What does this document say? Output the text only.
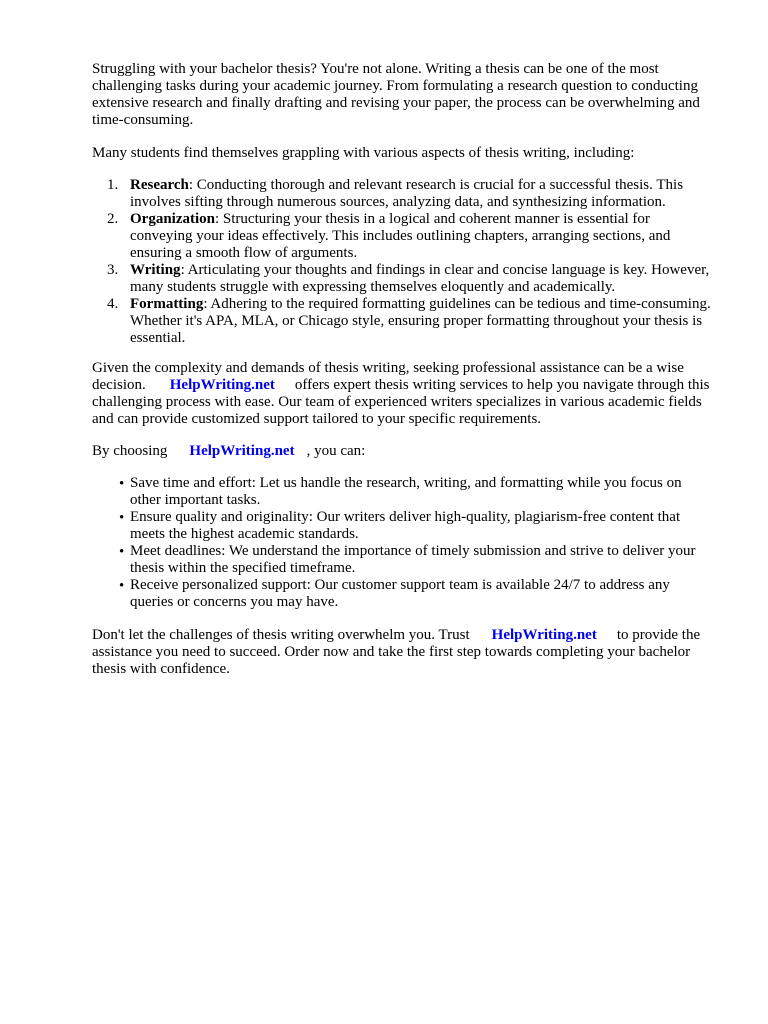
Struggling with your bachelor thesis? You're not alone. Writing a thesis can be one of the most challenging tasks during your academic journey. From formulating a research question to conducting extensive research and finally drafting and revising your paper, the process can be overwhelming and time-consuming.

Many students find themselves grappling with various aspects of thesis writing, including:

1. Research: Conducting thorough and relevant research is crucial for a successful thesis. This involves sifting through numerous sources, analyzing data, and synthesizing information.
2. Organization: Structuring your thesis in a logical and coherent manner is essential for conveying your ideas effectively. This includes outlining chapters, arranging sections, and ensuring a smooth flow of arguments.
3. Writing: Articulating your thoughts and findings in clear and concise language is key. However, many students struggle with expressing themselves eloquently and academically.
4. Formatting: Adhering to the required formatting guidelines can be tedious and time-consuming. Whether it's APA, MLA, or Chicago style, ensuring proper formatting throughout your thesis is essential.

Given the complexity and demands of thesis writing, seeking professional assistance can be a wise decision. HelpWriting.net offers expert thesis writing services to help you navigate through this challenging process with ease. Our team of experienced writers specializes in various academic fields and can provide customized support tailored to your specific requirements.

By choosing HelpWriting.net , you can:

• Save time and effort: Let us handle the research, writing, and formatting while you focus on other important tasks.
• Ensure quality and originality: Our writers deliver high-quality, plagiarism-free content that meets the highest academic standards.
• Meet deadlines: We understand the importance of timely submission and strive to deliver your thesis within the specified timeframe.
• Receive personalized support: Our customer support team is available 24/7 to address any queries or concerns you may have.

Don't let the challenges of thesis writing overwhelm you. Trust HelpWriting.net to provide the assistance you need to succeed. Order now and take the first step towards completing your bachelor thesis with confidence.
